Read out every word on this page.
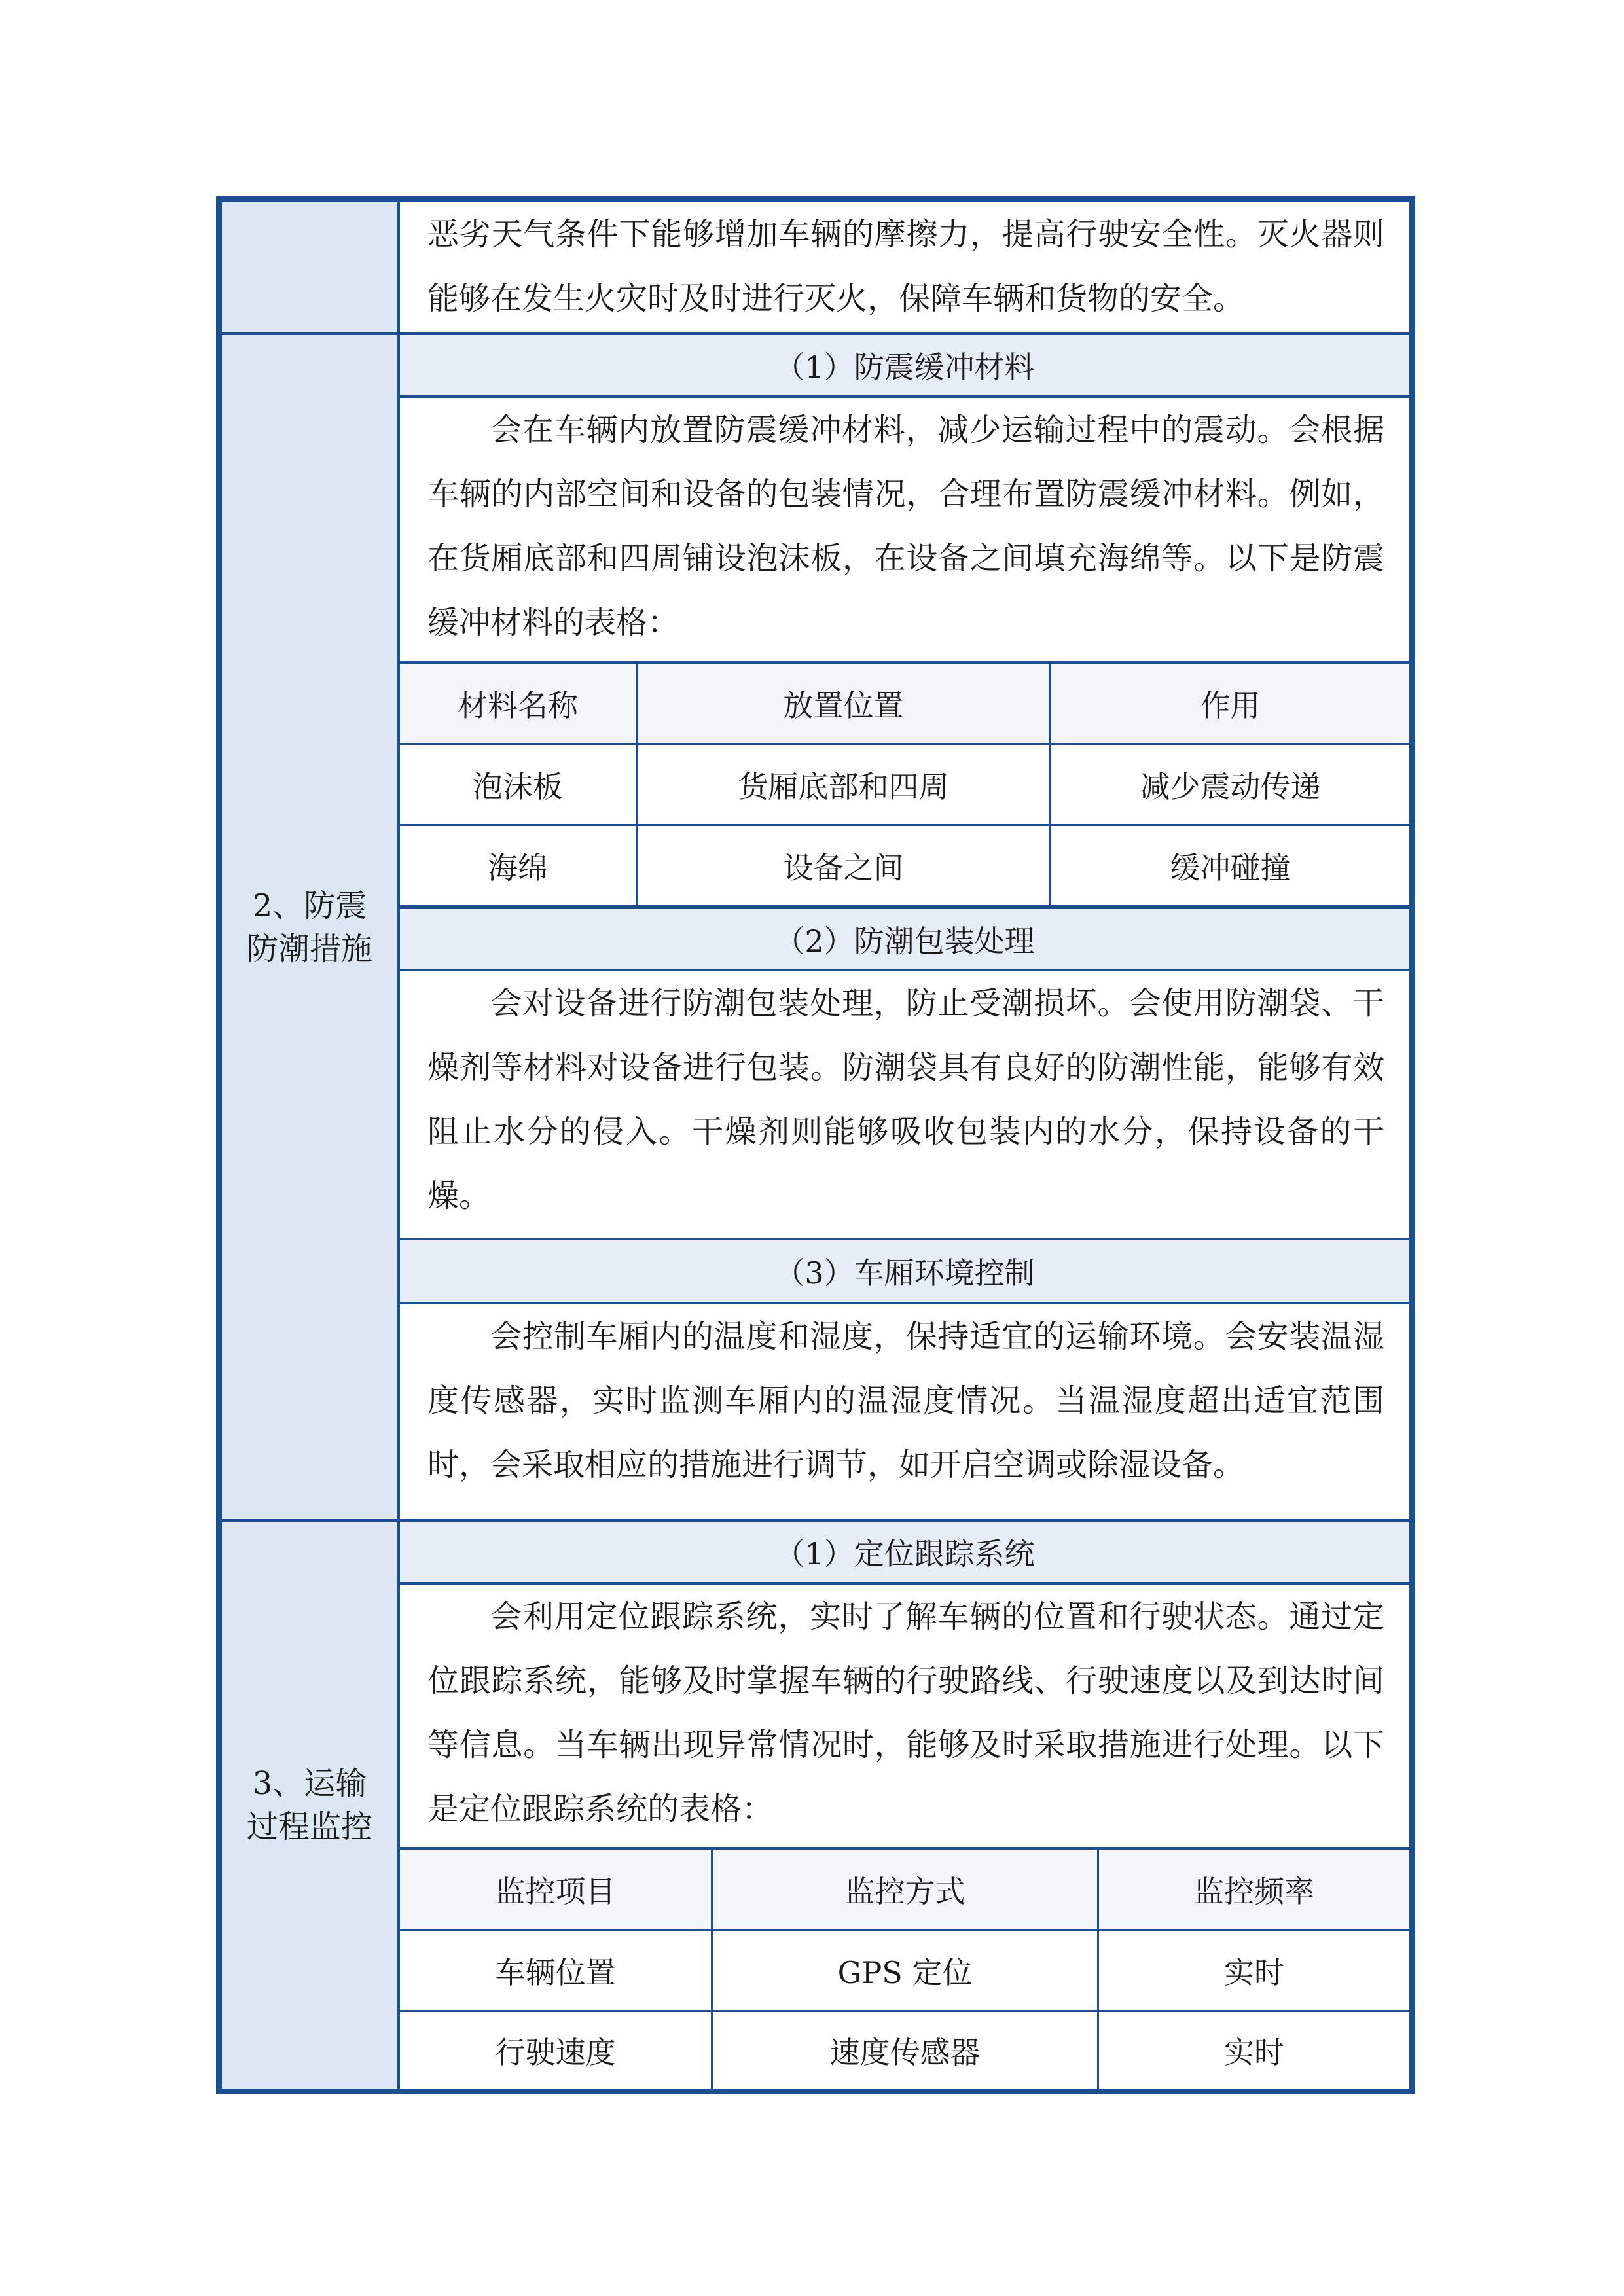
恶劣天气条件下能够增加车辆的摩擦力，提高行驶安全性。灭火器则能够在发生火灾时及时进行灭火，保障车辆和货物的安全。

2、防震防潮措施
（1）防震缓冲材料

会在车辆内放置防震缓冲材料，减少运输过程中的震动。会根据车辆的内部空间和设备的包装情况，合理布置防震缓冲材料。例如，在货厢底部和四周铺设泡沫板，在设备之间填充海绵等。以下是防震缓冲材料的表格：

材料名称	放置位置	作用
泡沫板	货厢底部和四周	减少震动传递
海绵	设备之间	缓冲碰撞
（2）防潮包装处理

会对设备进行防潮包装处理，防止受潮损坏。会使用防潮袋、干燥剂等材料对设备进行包装。防潮袋具有良好的防潮性能，能够有效阻止水分的侵入。干燥剂则能够吸收包装内的水分，保持设备的干燥。

（3）车厢环境控制

会控制车厢内的温度和湿度，保持适宜的运输环境。会安装温湿度传感器，实时监测车厢内的温湿度情况。当温湿度超出适宜范围时，会采取相应的措施进行调节，如开启空调或除湿设备。

3、运输过程监控
（1）定位跟踪系统

会利用定位跟踪系统，实时了解车辆的位置和行驶状态。通过定位跟踪系统，能够及时掌握车辆的行驶路线、行驶速度以及到达时间等信息。当车辆出现异常情况时，能够及时采取措施进行处理。以下是定位跟踪系统的表格：

监控项目	监控方式	监控频率
车辆位置	GPS 定位	实时
行驶速度	速度传感器	实时
